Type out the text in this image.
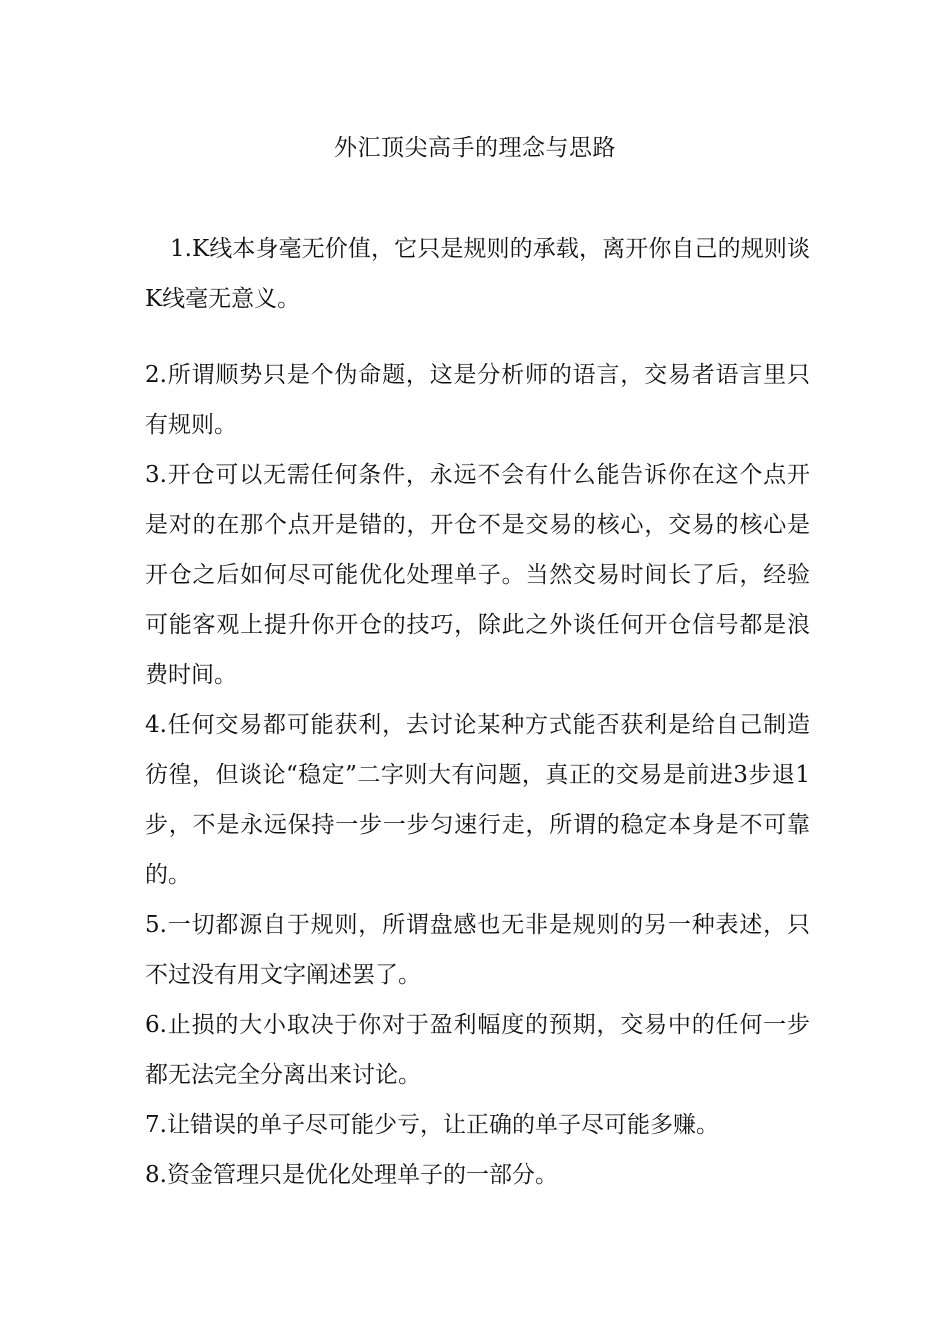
外汇顶尖高手的理念与思路

1.K线本身毫无价值，它只是规则的承载，离开你自己的规则谈K线毫无意义。

2.所谓顺势只是个伪命题，这是分析师的语言，交易者语言里只有规则。

3.开仓可以无需任何条件，永远不会有什么能告诉你在这个点开是对的在那个点开是错的，开仓不是交易的核心，交易的核心是开仓之后如何尽可能优化处理单子。当然交易时间长了后，经验可能客观上提升你开仓的技巧，除此之外谈任何开仓信号都是浪费时间。

4.任何交易都可能获利，去讨论某种方式能否获利是给自己制造彷徨，但谈论“稳定”二字则大有问题，真正的交易是前进3步退1步，不是永远保持一步一步匀速行走，所谓的稳定本身是不可靠的。

5.一切都源自于规则，所谓盘感也无非是规则的另一种表述，只不过没有用文字阐述罢了。

6.止损的大小取决于你对于盈利幅度的预期，交易中的任何一步都无法完全分离出来讨论。

7.让错误的单子尽可能少亏，让正确的单子尽可能多赚。

8.资金管理只是优化处理单子的一部分。
